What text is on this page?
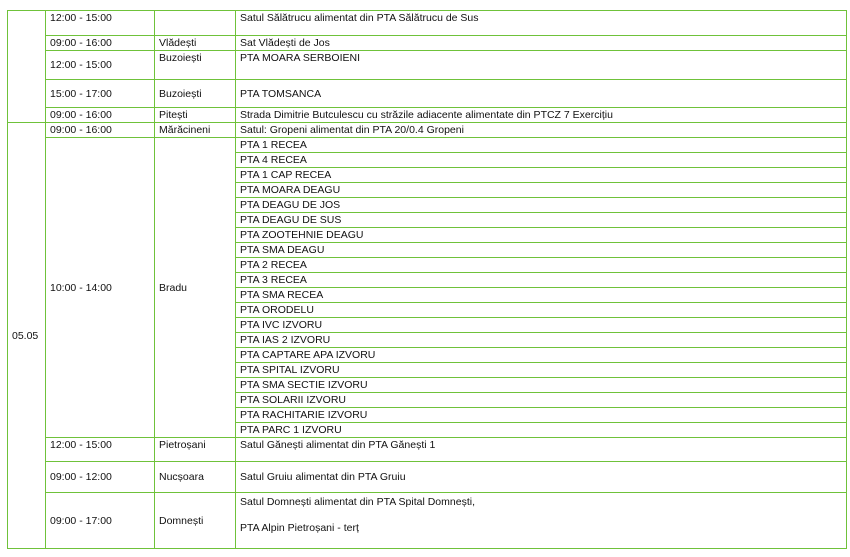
	12:00 - 15:00		Satul Sălătrucu alimentat din PTA Sălătrucu de Sus
	09:00 - 16:00	Vlădești	Sat Vlădești de Jos
	12:00 - 15:00	Buzoiești	PTA MOARA SERBOIENI
	15:00 - 17:00	Buzoiești	PTA TOMSANCA
	09:00 - 16:00	Pitești	Strada Dimitrie Butculescu cu străzile adiacente alimentate din PTCZ 7 Exercițiu
05.05	09:00 - 16:00	Mărăcineni	Satul: Gropeni alimentat din PTA 20/0.4 Gropeni
	10:00 - 14:00	Bradu	PTA 1 RECEA
			PTA 4 RECEA
			PTA 1 CAP RECEA
			PTA MOARA DEAGU
			PTA DEAGU DE JOS
			PTA DEAGU DE SUS
			PTA ZOOTEHNIE DEAGU
			PTA SMA DEAGU
			PTA 2 RECEA
			PTA 3 RECEA
			PTA SMA RECEA
			PTA ORODELU
			PTA IVC IZVORU
			PTA IAS 2 IZVORU
			PTA CAPTARE APA IZVORU
			PTA SPITAL IZVORU
			PTA SMA SECTIE IZVORU
			PTA SOLARII IZVORU
			PTA RACHITARIE IZVORU
			PTA PARC 1 IZVORU
	12:00 - 15:00	Pietroșani	Satul Gănești alimentat din PTA Gănești 1
	09:00 - 12:00	Nucșoara	Satul Gruiu alimentat din PTA Gruiu
	09:00 - 17:00	Domnești	Satul Domnești alimentat din PTA Spital Domnești,
PTA Alpin Pietroșani - terț
